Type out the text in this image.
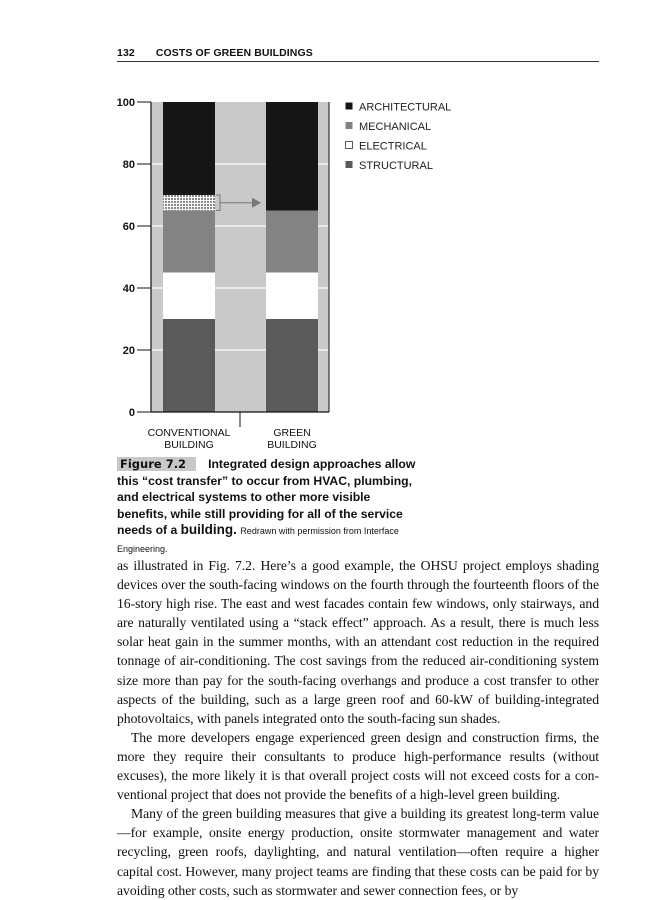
132 COSTS OF GREEN BUILDINGS
0
20
40
60
80
100
CONVENTIONAL
BUILDING
GREEN
BUILDING
ARCHITECTURAL
MECHANICAL
ELECTRICAL
STRUCTURAL
Figure 7.2 Integrated design approaches allow this “cost transfer” to occur from HVAC, plumbing, and electrical systems to other more visible benefits, while still providing for all of the service needs of a building. Redrawn with permission from Interface Engineering.

as illustrated in Fig. 7.2. Here’s a good example, the OHSU project employs shading devices over the south-facing windows on the fourth through the fourteenth floors of the 16-story high rise. The east and west facades contain few windows, only stairways, and are naturally ventilated using a “stack effect” approach. As a result, there is much less solar heat gain in the summer months, with an attendant cost reduction in the required tonnage of air-conditioning. The cost savings from the reduced air-conditioning system size more than pay for the south-facing overhangs and produce a cost transfer to other aspects of the building, such as a large green roof and 60-kW of building-integrated photovoltaics, with panels integrated onto the south-facing sun shades.

The more developers engage experienced green design and construction firms, the more they require their consultants to produce high-performance results (without excuses), the more likely it is that overall project costs will not exceed costs for a conventional project that does not provide the benefits of a high-level green building.

Many of the green building measures that give a building its greatest long-term value—for example, onsite energy production, onsite stormwater management and water recycling, green roofs, daylighting, and natural ventilation—often require a higher capital cost. However, many project teams are finding that these costs can be paid for by avoiding other costs, such as stormwater and sewer connection fees, or by
